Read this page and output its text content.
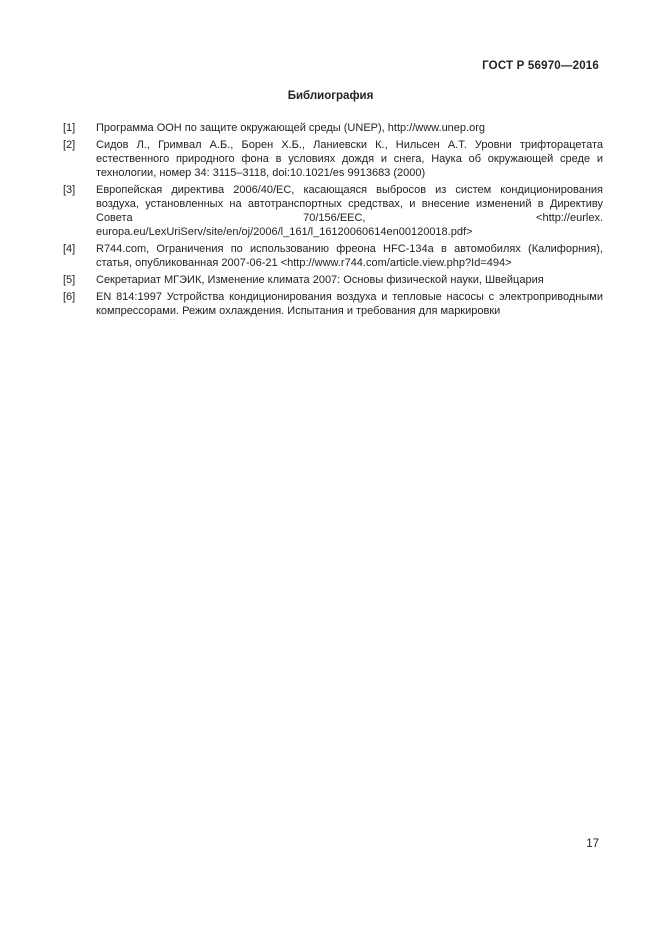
ГОСТ Р 56970—2016
Библиография
[1]	Программа ООН по защите окружающей среды (UNEP), http://www.unep.org
[2]	Сидов Л., Гримвал А.Б., Борен Х.Б., Ланиевски К., Нильсен А.Т. Уровни трифторацетата естественного природного фона в условиях дождя и снега, Наука об окружающей среде и технологии, номер 34: 3115–3118, doi:10.1021/es 9913683 (2000)
[3]	Европейская директива 2006/40/ЕС, касающаяся выбросов из систем кондиционирования воздуха, установленных на автотранспортных средствах, и внесение изменений в Директиву Совета 70/156/ЕЕС, <http://eurlex. europa.eu/LexUriServ/site/en/oj/2006/l_161/l_16120060614en00120018.pdf>
[4]	R744.com, Ограничения по использованию фреона HFC-134a в автомобилях (Калифорния), статья, опубликованная 2007-06-21 <http://www.r744.com/article.view.php?Id=494>
[5]	Секретариат МГЭИК, Изменение климата 2007: Основы физической науки, Швейцария
[6]	EN 814:1997 Устройства кондиционирования воздуха и тепловые насосы с электроприводными компрессорами. Режим охлаждения. Испытания и требования для маркировки
17
